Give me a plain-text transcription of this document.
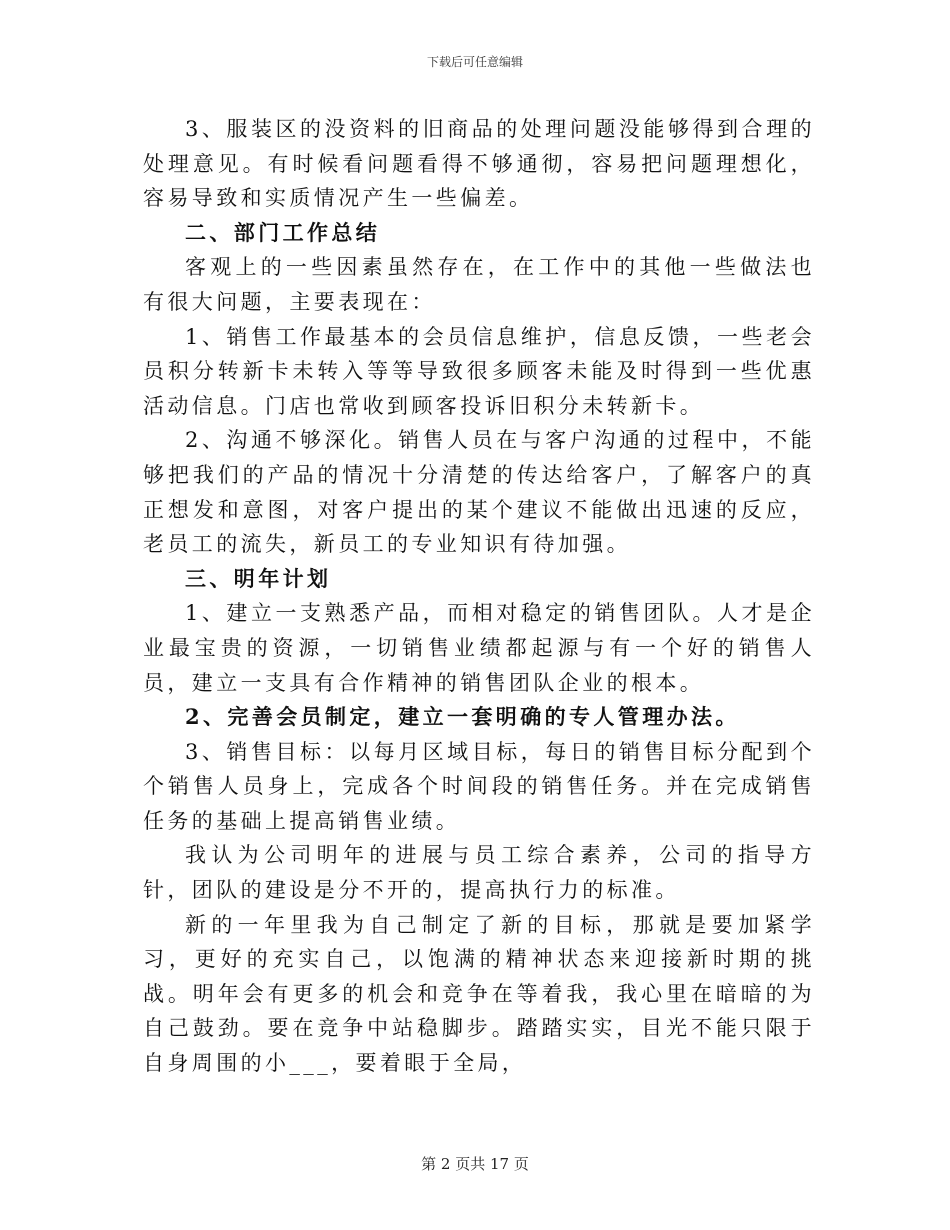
下载后可任意编辑

3、服装区的没资料的旧商品的处理问题没能够得到合理的处理意见。有时候看问题看得不够通彻，容易把问题理想化，容易导致和实质情况产生一些偏差。

二、部门工作总结

客观上的一些因素虽然存在，在工作中的其他一些做法也有很大问题，主要表现在：

1、销售工作最基本的会员信息维护，信息反馈，一些老会员积分转新卡未转入等等导致很多顾客未能及时得到一些优惠活动信息。门店也常收到顾客投诉旧积分未转新卡。

2、沟通不够深化。销售人员在与客户沟通的过程中，不能够把我们的产品的情况十分清楚的传达给客户，了解客户的真正想发和意图，对客户提出的某个建议不能做出迅速的反应，老员工的流失，新员工的专业知识有待加强。

三、明年计划

1、建立一支熟悉产品，而相对稳定的销售团队。人才是企业最宝贵的资源，一切销售业绩都起源与有一个好的销售人员，建立一支具有合作精神的销售团队企业的根本。

2、完善会员制定，建立一套明确的专人管理办法。

3、销售目标：以每月区域目标，每日的销售目标分配到个个销售人员身上，完成各个时间段的销售任务。并在完成销售任务的基础上提高销售业绩。

我认为公司明年的进展与员工综合素养，公司的指导方针，团队的建设是分不开的，提高执行力的标准。

新的一年里我为自己制定了新的目标，那就是要加紧学习，更好的充实自己，以饱满的精神状态来迎接新时期的挑战。明年会有更多的机会和竞争在等着我，我心里在暗暗的为自己鼓劲。要在竞争中站稳脚步。踏踏实实，目光不能只限于自身周围的小___，要着眼于全局，

第 2 页共 17 页
